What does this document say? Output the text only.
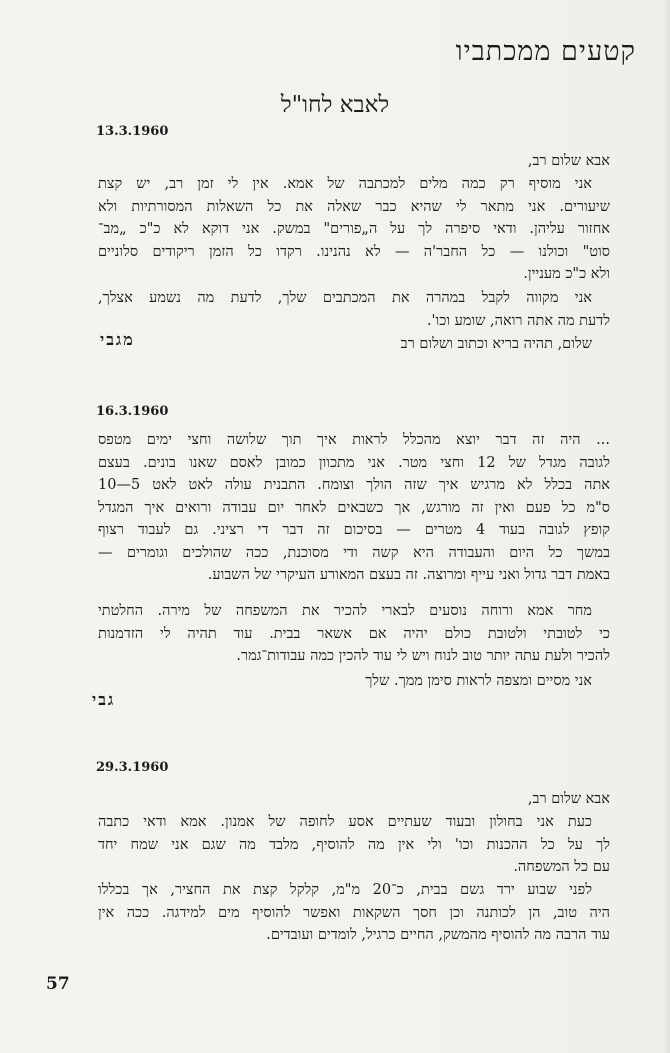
קטעים ממכתביו
לאבא לחו"ל
13.3.1960
אבא שלום רב,
אני מוסיף רק כמה מלים למכתבה של אמא. אין לי זמן רב, יש קצת
שיעורים. אני מתאר לי שהיא כבר שאלה את כל השאלות המסורתיות ולא
אחזור עליהן. ודאי סיפרה לך על ה„פורים" במשק. אני דוקא לא כ"כ „מב־
סוט" וכולנו — כל החבר'ה — לא נהנינו. רקדו כל הזמן ריקודים סלוניים
ולא כ"כ מעניין.
אני מקווה לקבל במהרה את המכתבים שלך, לדעת מה נשמע אצלך,
לדעת מה אתה רואה, שומע וכו'.
שלום, תהיה בריא וכתוב ושלום רב
מגבי
16.3.1960
... היה זה דבר יוצא מהכלל לראות איך תוך שלושה וחצי ימים מטפס
לגובה מגדל של 12 וחצי מטר. אני מתכוון כמובן לאסם שאנו בונים. בעצם
אתה בכלל לא מרגיש איך שזה הולך וצומח. התבנית עולה לאט לאט 5—10
ס"מ כל פעם ואין זה מורגש, אך כשבאים לאחר יום עבודה ורואים איך המגדל
קופץ לגובה בעוד 4 מטרים — בסיכום זה דבר די רציני. גם לעבוד רצוף
במשך כל היום והעבודה היא קשה ודי מסוכנת, ככה שהולכים וגומרים —
באמת דבר גדול ואני עייף ומרוצה. זה בעצם המאורע העיקרי של השבוע.
מחר אמא ורוחה נוסעים לבארי להכיר את המשפחה של מירה. החלטתי
כי לטובתי ולטובת כולם יהיה אם אשאר בבית. עוד תהיה לי הזדמנות
להכיר ולעת עתה יותר טוב לנוח ויש לי עוד להכין כמה עבודות־גמר.
אני מסיים ומצפה לראות סימן ממך. שלך
גבי
29.3.1960
אבא שלום רב,
כעת אני בחולון ובעוד שעתיים אסע לחופה של אמנון. אמא ודאי כתבה
לך על כל ההכנות וכו' ולי אין מה להוסיף, מלבד מה שגם אני שמח יחד
עם כל המשפחה.
לפני שבוע ירד גשם בבית, כ־20 מ"מ, קלקל קצת את החציר, אך בכללו
היה טוב, הן לכותנה וכן חסך השקאות ואפשר להוסיף מים למידגה. ככה אין
עוד הרבה מה להוסיף מהמשק, החיים כרגיל, לומדים ועובדים.
57
